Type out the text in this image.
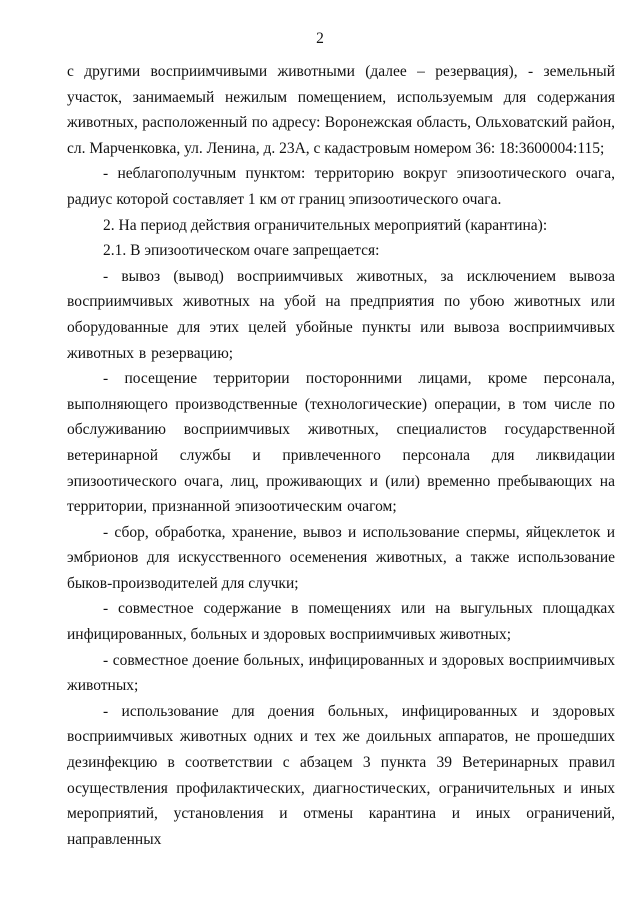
2

с другими восприимчивыми животными (далее – резервация), - земельный участок, занимаемый нежилым помещением, используемым для содержания животных, расположенный по адресу: Воронежская область, Ольховатский район, сл. Марченковка, ул. Ленина, д. 23А, с кадастровым номером 36: 18:3600004:115;

- неблагополучным пунктом: территорию вокруг эпизоотического очага, радиус которой составляет 1 км от границ эпизоотического очага.

2. На период действия ограничительных мероприятий (карантина):

2.1. В эпизоотическом очаге запрещается:

- вывоз (вывод) восприимчивых животных, за исключением вывоза восприимчивых животных на убой на предприятия по убою животных или оборудованные для этих целей убойные пункты или вывоза восприимчивых животных в резервацию;

- посещение территории посторонними лицами, кроме персонала, выполняющего производственные (технологические) операции, в том числе по обслуживанию восприимчивых животных, специалистов государственной ветеринарной службы и привлеченного персонала для ликвидации эпизоотического очага, лиц, проживающих и (или) временно пребывающих на территории, признанной эпизоотическим очагом;

- сбор, обработка, хранение, вывоз и использование спермы, яйцеклеток и эмбрионов для искусственного осеменения животных, а также использование быков-производителей для случки;

- совместное содержание в помещениях или на выгульных площадках инфицированных, больных и здоровых восприимчивых животных;

- совместное доение больных, инфицированных и здоровых восприимчивых животных;

- использование для доения больных, инфицированных и здоровых восприимчивых животных одних и тех же доильных аппаратов, не прошедших дезинфекцию в соответствии с абзацем 3 пункта 39 Ветеринарных правил осуществления профилактических, диагностических, ограничительных и иных мероприятий, установления и отмены карантина и иных ограничений, направленных
